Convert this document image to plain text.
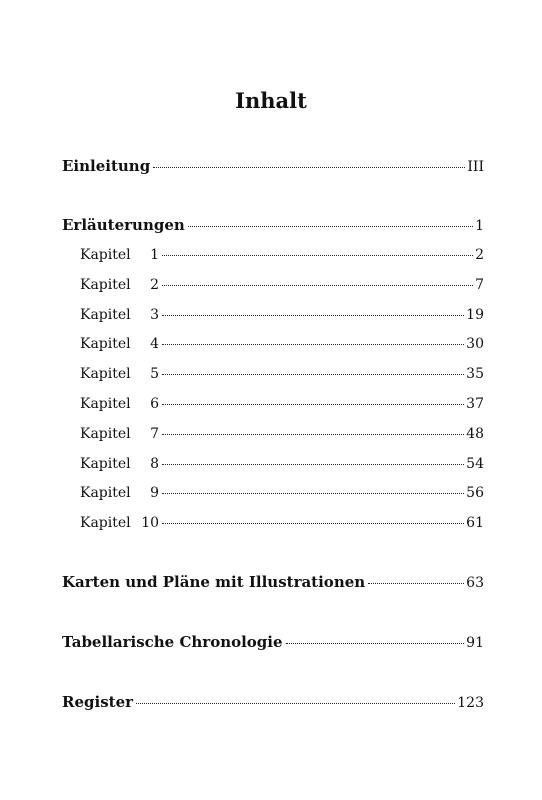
Inhalt
Einleitung	III
Erläuterungen	1
Kapitel 1	2
Kapitel 2	7
Kapitel 3	19
Kapitel 4	30
Kapitel 5	35
Kapitel 6	37
Kapitel 7	48
Kapitel 8	54
Kapitel 9	56
Kapitel 10	61
Karten und Pläne mit Illustrationen	63
Tabellarische Chronologie	91
Register	123
